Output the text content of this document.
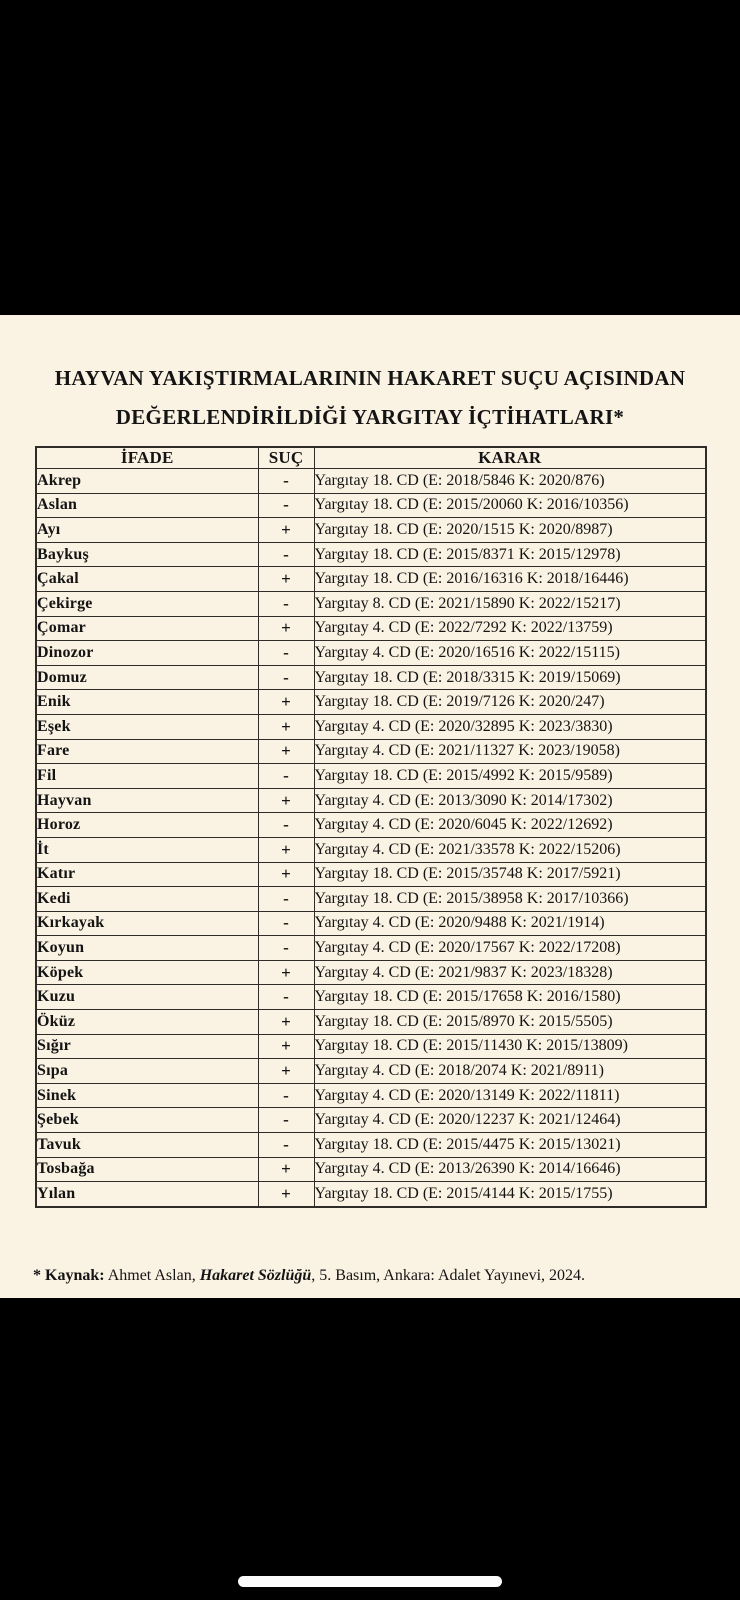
HAYVAN YAKIŞTIRMALARININ HAKARET SUÇU AÇISINDAN
DEĞERLENDİRİLDİĞİ YARGITAY İÇTİHATLARI*
İFADE	SUÇ	KARAR
Akrep	-	Yargıtay 18. CD (E: 2018/5846 K: 2020/876)
Aslan	-	Yargıtay 18. CD (E: 2015/20060 K: 2016/10356)
Ayı	+	Yargıtay 18. CD (E: 2020/1515 K: 2020/8987)
Baykuş	-	Yargıtay 18. CD (E: 2015/8371 K: 2015/12978)
Çakal	+	Yargıtay 18. CD (E: 2016/16316 K: 2018/16446)
Çekirge	-	Yargıtay 8. CD (E: 2021/15890 K: 2022/15217)
Çomar	+	Yargıtay 4. CD (E: 2022/7292 K: 2022/13759)
Dinozor	-	Yargıtay 4. CD (E: 2020/16516 K: 2022/15115)
Domuz	-	Yargıtay 18. CD (E: 2018/3315 K: 2019/15069)
Enik	+	Yargıtay 18. CD (E: 2019/7126 K: 2020/247)
Eşek	+	Yargıtay 4. CD (E: 2020/32895 K: 2023/3830)
Fare	+	Yargıtay 4. CD (E: 2021/11327 K: 2023/19058)
Fil	-	Yargıtay 18. CD (E: 2015/4992 K: 2015/9589)
Hayvan	+	Yargıtay 4. CD (E: 2013/3090 K: 2014/17302)
Horoz	-	Yargıtay 4. CD (E: 2020/6045 K: 2022/12692)
İt	+	Yargıtay 4. CD (E: 2021/33578 K: 2022/15206)
Katır	+	Yargıtay 18. CD (E: 2015/35748 K: 2017/5921)
Kedi	-	Yargıtay 18. CD (E: 2015/38958 K: 2017/10366)
Kırkayak	-	Yargıtay 4. CD (E: 2020/9488 K: 2021/1914)
Koyun	-	Yargıtay 4. CD (E: 2020/17567 K: 2022/17208)
Köpek	+	Yargıtay 4. CD (E: 2021/9837 K: 2023/18328)
Kuzu	-	Yargıtay 18. CD (E: 2015/17658 K: 2016/1580)
Öküz	+	Yargıtay 18. CD (E: 2015/8970 K: 2015/5505)
Sığır	+	Yargıtay 18. CD (E: 2015/11430 K: 2015/13809)
Sıpa	+	Yargıtay 4. CD (E: 2018/2074 K: 2021/8911)
Sinek	-	Yargıtay 4. CD (E: 2020/13149 K: 2022/11811)
Şebek	-	Yargıtay 4. CD (E: 2020/12237 K: 2021/12464)
Tavuk	-	Yargıtay 18. CD (E: 2015/4475 K: 2015/13021)
Tosbağa	+	Yargıtay 4. CD (E: 2013/26390 K: 2014/16646)
Yılan	+	Yargıtay 18. CD (E: 2015/4144 K: 2015/1755)
* Kaynak: Ahmet Aslan, Hakaret Sözlüğü, 5. Basım, Ankara: Adalet Yayınevi, 2024.
